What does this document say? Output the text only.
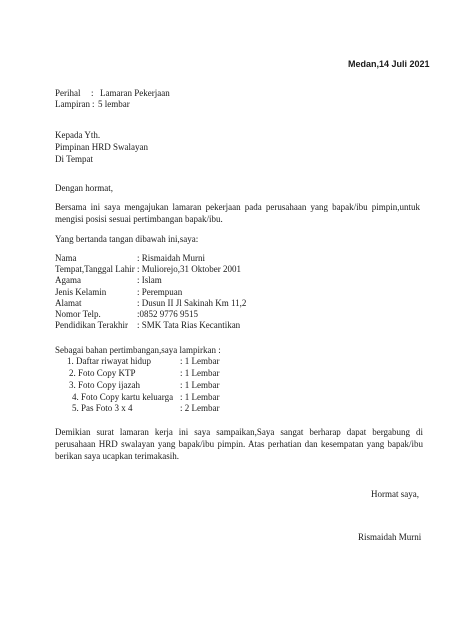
Medan,14 Juli 2021
Perihal : Lamaran Pekerjaan
Lampiran : 5 lembar
Kepada Yth.
Pimpinan HRD Swalayan
Di Tempat
Dengan hormat,
Bersama ini saya mengajukan lamaran pekerjaan pada perusahaan yang bapak/ibu pimpin,untuk mengisi posisi sesuai pertimbangan bapak/ibu.
Yang bertanda tangan dibawah ini,saya:
Nama	: Rismaidah Murni
Tempat,Tanggal Lahir : Muliorejo,31 Oktober 2001
Agama	: Islam
Jenis Kelamin	: Perempuan
Alamat	: Dusun II Jl Sakinah Km 11,2
Nomor Telp.	:0852 9776 9515
Pendidikan Terakhir : SMK Tata Rias Kecantikan
Sebagai bahan pertimbangan,saya lampirkan :
1. Daftar riwayat hidup	: 1 Lembar
2. Foto Copy KTP	: 1 Lembar
3. Foto Copy ijazah	: 1 Lembar
4. Foto Copy kartu keluarga : 1 Lembar
5. Pas Foto 3 x 4	: 2 Lembar
Demikian surat lamaran kerja ini saya sampaikan,Saya sangat berharap dapat bergabung di perusahaan HRD swalayan yang bapak/ibu pimpin. Atas perhatian dan kesempatan yang bapak/ibu berikan saya ucapkan terimakasih.
Hormat saya,
Rismaidah Murni
